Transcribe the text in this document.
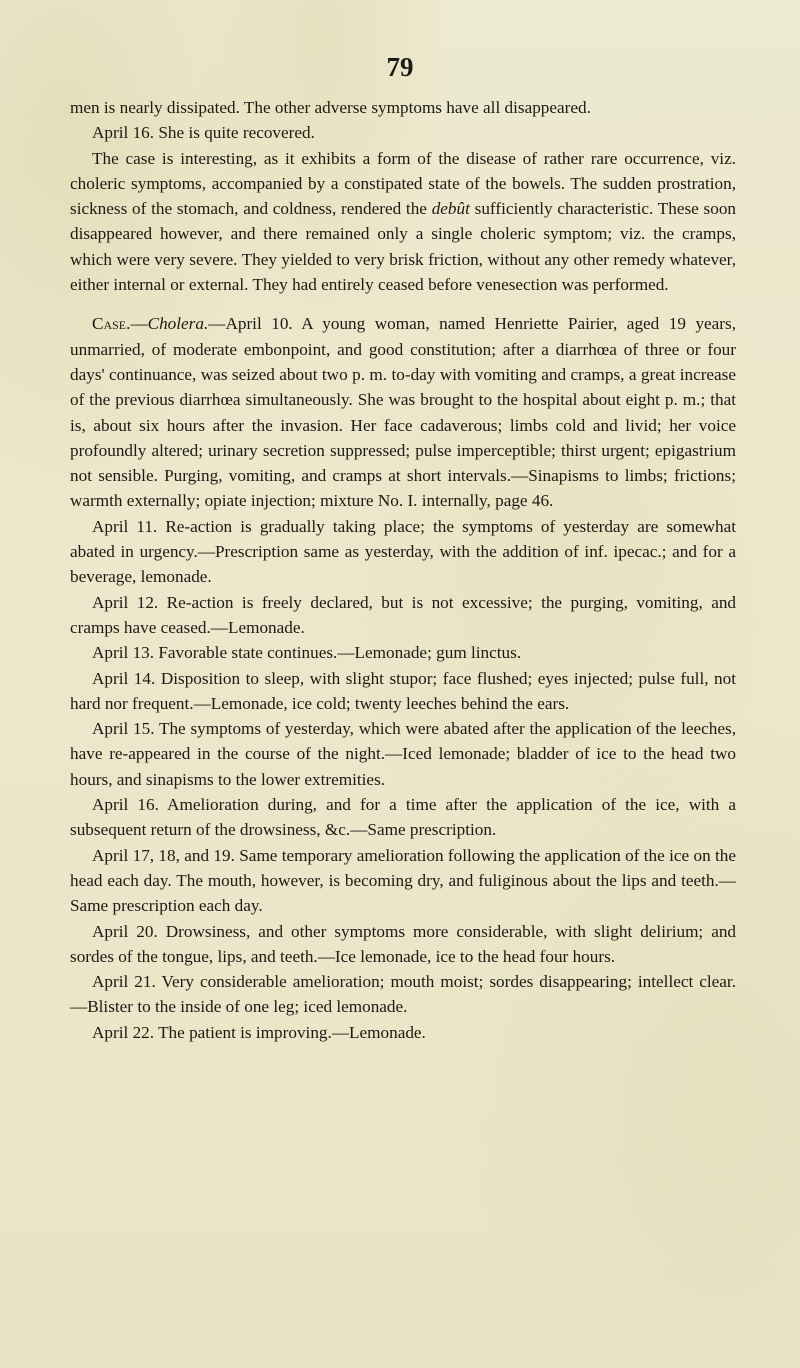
79

men is nearly dissipated. The other adverse symptoms have all disappeared.

April 16. She is quite recovered.

The case is interesting, as it exhibits a form of the disease of rather rare occurrence, viz. choleric symptoms, accompanied by a constipated state of the bowels. The sudden prostration, sickness of the stomach, and coldness, rendered the debût sufficiently characteristic. These soon disappeared however, and there remained only a single choleric symptom; viz. the cramps, which were very severe. They yielded to very brisk friction, without any other remedy whatever, either internal or external. They had entirely ceased before venesection was performed.

Case.—Cholera.—April 10. A young woman, named Henriette Pairier, aged 19 years, unmarried, of moderate embonpoint, and good constitution; after a diarrhœa of three or four days' continuance, was seized about two p. m. to-day with vomiting and cramps, a great increase of the previous diarrhœa simultaneously. She was brought to the hospital about eight p. m.; that is, about six hours after the invasion. Her face cadaverous; limbs cold and livid; her voice profoundly altered; urinary secretion suppressed; pulse imperceptible; thirst urgent; epigastrium not sensible. Purging, vomiting, and cramps at short intervals.—Sinapisms to limbs; frictions; warmth externally; opiate injection; mixture No. I. internally, page 46.

April 11. Re-action is gradually taking place; the symptoms of yesterday are somewhat abated in urgency.—Prescription same as yesterday, with the addition of inf. ipecac.; and for a beverage, lemonade.

April 12. Re-action is freely declared, but is not excessive; the purging, vomiting, and cramps have ceased.—Lemonade.

April 13. Favorable state continues.—Lemonade; gum linctus.

April 14. Disposition to sleep, with slight stupor; face flushed; eyes injected; pulse full, not hard nor frequent.—Lemonade, ice cold; twenty leeches behind the ears.

April 15. The symptoms of yesterday, which were abated after the application of the leeches, have re-appeared in the course of the night.—Iced lemonade; bladder of ice to the head two hours, and sinapisms to the lower extremities.

April 16. Amelioration during, and for a time after the application of the ice, with a subsequent return of the drowsiness, &c.—Same prescription.

April 17, 18, and 19. Same temporary amelioration following the application of the ice on the head each day. The mouth, however, is becoming dry, and fuliginous about the lips and teeth.—Same prescription each day.

April 20. Drowsiness, and other symptoms more considerable, with slight delirium; and sordes of the tongue, lips, and teeth.—Ice lemonade, ice to the head four hours.

April 21. Very considerable amelioration; mouth moist; sordes disappearing; intellect clear.—Blister to the inside of one leg; iced lemonade.

April 22. The patient is improving.—Lemonade.
